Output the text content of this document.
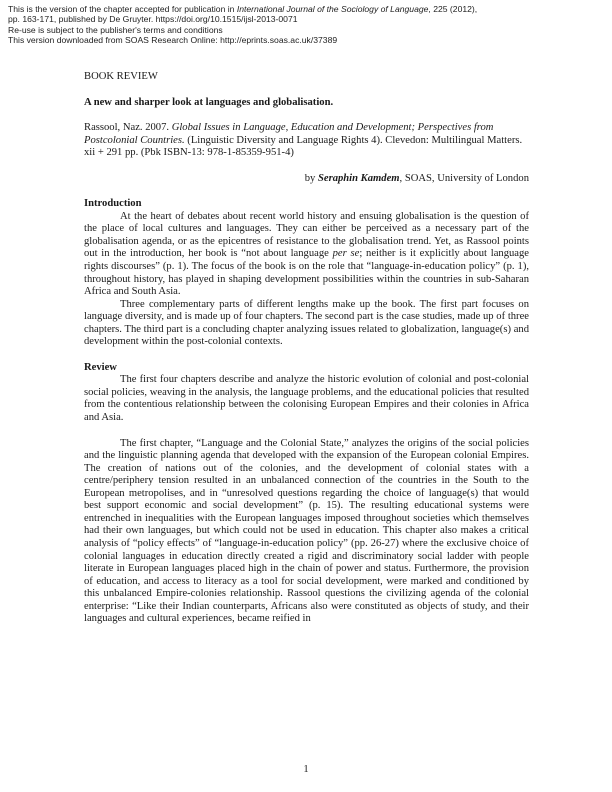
This is the version of the chapter accepted for publication in International Journal of the Sociology of Language, 225 (2012),

pp. 163-171, published by De Gruyter. https://doi.org/10.1515/ijsl-2013-0071

Re-use is subject to the publisher's terms and conditions

This version downloaded from SOAS Research Online: http://eprints.soas.ac.uk/37389

BOOK REVIEW

A new and sharper look at languages and globalisation.

Rassool, Naz. 2007. Global Issues in Language, Education and Development; Perspectives from Postcolonial Countries. (Linguistic Diversity and Language Rights 4). Clevedon: Multilingual Matters. xii + 291 pp. (Pbk ISBN-13: 978-1-85359-951-4)

by Seraphin Kamdem, SOAS, University of London

Introduction

At the heart of debates about recent world history and ensuing globalisation is the question of the place of local cultures and languages. They can either be perceived as a necessary part of the globalisation agenda, or as the epicentres of resistance to the globalisation trend. Yet, as Rassool points out in the introduction, her book is “not about language per se; neither is it explicitly about language rights discourses” (p. 1). The focus of the book is on the role that “language-in-education policy” (p. 1), throughout history, has played in shaping development possibilities within the countries in sub-Saharan Africa and South Asia.

Three complementary parts of different lengths make up the book. The first part focuses on language diversity, and is made up of four chapters. The second part is the case studies, made up of three chapters. The third part is a concluding chapter analyzing issues related to globalization, language(s) and development within the post-colonial contexts.

Review

The first four chapters describe and analyze the historic evolution of colonial and post-colonial social policies, weaving in the analysis, the language problems, and the educational policies that resulted from the contentious relationship between the colonising European Empires and their colonies in Africa and Asia.

The first chapter, “Language and the Colonial State,” analyzes the origins of the social policies and the linguistic planning agenda that developed with the expansion of the European colonial Empires. The creation of nations out of the colonies, and the development of colonial states with a centre/periphery tension resulted in an unbalanced connection of the countries in the South to the European metropolises, and in “unresolved questions regarding the choice of language(s) that would best support economic and social development” (p. 15). The resulting educational systems were entrenched in inequalities with the European languages imposed throughout societies which themselves had their own languages, but which could not be used in education. This chapter also makes a critical analysis of “policy effects” of “language-in-education policy” (pp. 26-27) where the exclusive choice of colonial languages in education directly created a rigid and discriminatory social ladder with people literate in European languages placed high in the chain of power and status. Furthermore, the provision of education, and access to literacy as a tool for social development, were marked and conditioned by this unbalanced Empire-colonies relationship. Rassool questions the civilizing agenda of the colonial enterprise: “Like their Indian counterparts, Africans also were constituted as objects of study, and their languages and cultural experiences, became reified in

1
